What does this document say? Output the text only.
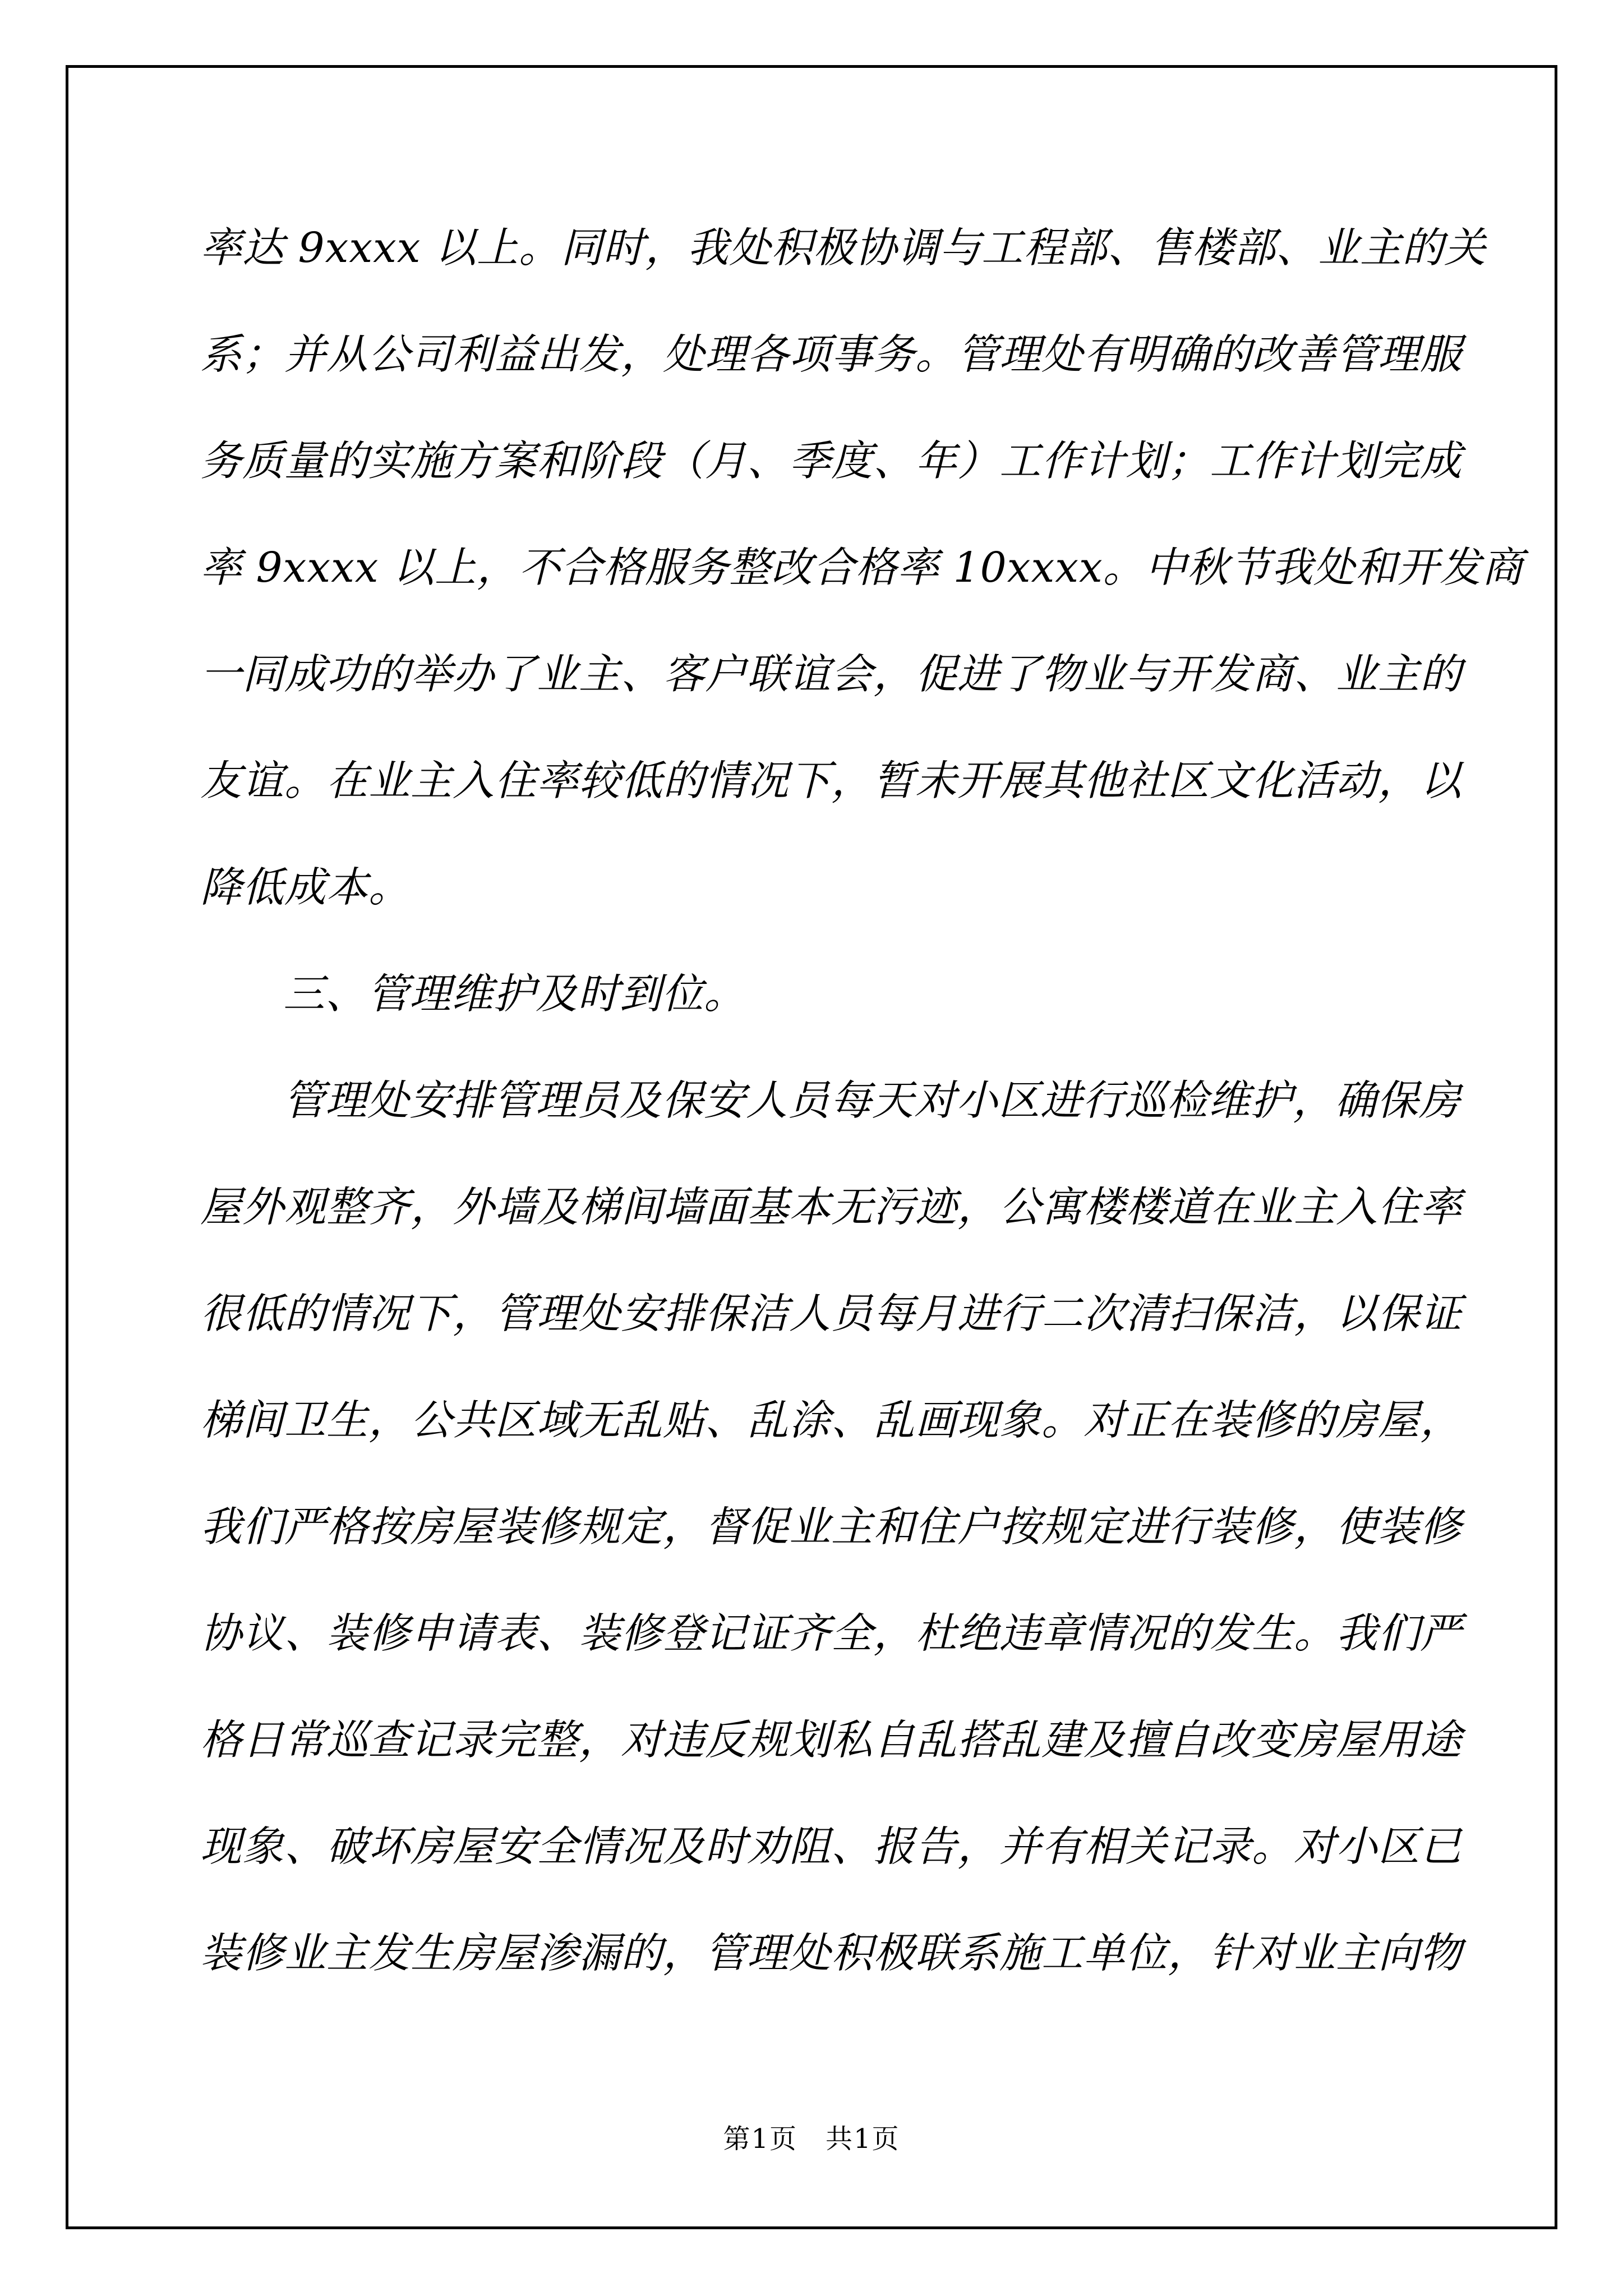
率达 9xxxx 以上。同时，我处积极协调与工程部、售楼部、业主的关
系；并从公司利益出发，处理各项事务。管理处有明确的改善管理服
务质量的实施方案和阶段（月、季度、年）工作计划；工作计划完成
率 9xxxx 以上，不合格服务整改合格率 10xxxx。中秋节我处和开发商
一同成功的举办了业主、客户联谊会，促进了物业与开发商、业主的
友谊。在业主入住率较低的情况下，暂未开展其他社区文化活动，以
降低成本。
三、管理维护及时到位。
管理处安排管理员及保安人员每天对小区进行巡检维护，确保房
屋外观整齐，外墙及梯间墙面基本无污迹，公寓楼楼道在业主入住率
很低的情况下，管理处安排保洁人员每月进行二次清扫保洁，以保证
梯间卫生，公共区域无乱贴、乱涂、乱画现象。对正在装修的房屋，
我们严格按房屋装修规定，督促业主和住户按规定进行装修，使装修
协议、装修申请表、装修登记证齐全，杜绝违章情况的发生。我们严
格日常巡查记录完整，对违反规划私自乱搭乱建及擅自改变房屋用途
现象、破坏房屋安全情况及时劝阻、报告，并有相关记录。对小区已
装修业主发生房屋渗漏的，管理处积极联系施工单位，针对业主向物
第1页　共1页
